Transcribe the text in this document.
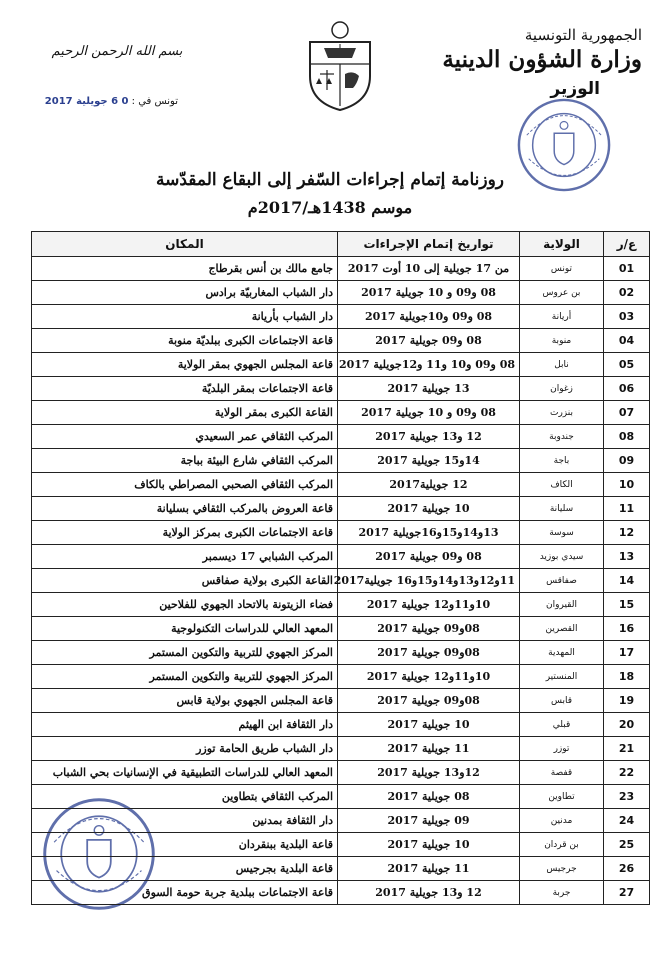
الجمهورية التونسية
وزارة الشؤون الدينية
الوزير
بسم الله الرحمن الرحيم
تونس في : 0 6 جويلية 2017
روزنامة إتمام إجراءات السّفر إلى البقاع المقدّسة
موسم 1438هـ/2017م
ع/ر	الولاية	تواريخ إتمام الإجراءات	المكان
01	تونس	من 17 جويلية إلى 10 أوت 2017	جامع مالك بن أنس بقرطاج
02	بن عروس	08 و09 و 10 جويلية 2017	دار الشباب المغاربيّة برادس
03	أريانة	08 و09 و10جويلية 2017	دار الشباب بأريانة
04	منوبة	08 و09 جويلية 2017	قاعة الاجتماعات الكبرى ببلديّة منوبة
05	نابل	08 و09 و10 و11 و12جويلية 2017	قاعة المجلس الجهوي بمقر الولاية
06	زغوان	13 جويلية 2017	قاعة الاجتماعات بمقر البلديّة
07	بنزرت	08 و09 و 10 جويلية 2017	القاعة الكبرى بمقر الولاية
08	جندوبة	12 و13 جويلية 2017	المركب الثقافي عمر السعيدي
09	باجة	14و15 جويلية 2017	المركب الثقافي شارع البيئة بباجة
10	الكاف	12 جويلية2017	المركب الثقافي الصحبي المصراطي بالكاف
11	سليانة	10 جويلية 2017	قاعة العروض بالمركب الثقافي بسليانة
12	سوسة	13و14و15و16جويلية 2017	قاعة الاجتماعات الكبرى بمركز الولاية
13	سيدي بوزيد	08 و09 جويلية 2017	المركب الشبابي 17 ديسمبر
14	صفاقس	11و12و13و14و15و16 جويلية2017	القاعة الكبرى بولاية صفاقس
15	القيروان	10و11و12 جويلية 2017	فضاء الزيتونة بالاتحاد الجهوي للفلاحين
16	القصرين	08و09 جويلية 2017	المعهد العالي للدراسات التكنولوجية
17	المهدية	08و09 جويلية 2017	المركز الجهوي للتربية والتكوين المستمر
18	المنستير	10و11و12 جويلية 2017	المركز الجهوي للتربية والتكوين المستمر
19	قابس	08و09 جويلية 2017	قاعة المجلس الجهوي بولاية قابس
20	قبلي	10 جويلية 2017	دار الثقافة ابن الهيثم
21	توزر	11 جويلية 2017	دار الشباب طريق الحامة توزر
22	قفصة	12و13 جويلية 2017	المعهد العالي للدراسات التطبيقية في الإنسانيات بحي الشباب
23	تطاوين	08 جويلية 2017	المركب الثقافي بتطاوين
24	مدنين	09 جويلية 2017	دار الثقافة بمدنين
25	بن قردان	10 جويلية 2017	قاعة البلدية ببنقردان
26	جرجيس	11 جويلية 2017	قاعة البلدية بجرجيس
27	جربة	12 و13 جويلية 2017	قاعة الاجتماعات ببلدية جربة حومة السوق
